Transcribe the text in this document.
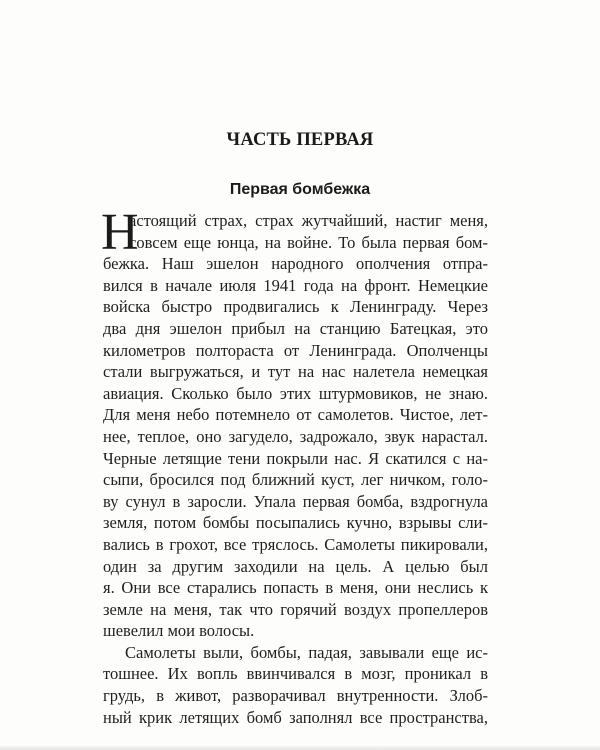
ЧАСТЬ ПЕРВАЯ
Первая бомбежка
Н
астоящий страх, страх жутчайший, настиг меня,
совсем еще юнца, на войне. То была первая бом-
бежка. Наш эшелон народного ополчения отпра-
вился в начале июля 1941 года на фронт. Немецкие
войска быстро продвигались к Ленинграду. Через
два дня эшелон прибыл на станцию Батецкая, это
километров полтораста от Ленинграда. Ополченцы
стали выгружаться, и тут на нас налетела немецкая
авиация. Сколько было этих штурмовиков, не знаю.
Для меня небо потемнело от самолетов. Чистое, лет-
нее, теплое, оно загудело, задрожало, звук нарастал.
Черные летящие тени покрыли нас. Я скатился с на-
сыпи, бросился под ближний куст, лег ничком, голо-
ву сунул в заросли. Упала первая бомба, вздрогнула
земля, потом бомбы посыпались кучно, взрывы сли-
вались в грохот, все тряслось. Самолеты пикировали,
один за другим заходили на цель. А целью был
я. Они все старались попасть в меня, они неслись к
земле на меня, так что горячий воздух пропеллеров
шевелил мои волосы.
Самолеты выли, бомбы, падая, завывали еще ис-
тошнее. Их вопль ввинчивался в мозг, проникал в
грудь, в живот, разворачивал внутренности. Злоб-
ный крик летящих бомб заполнял все пространства,
